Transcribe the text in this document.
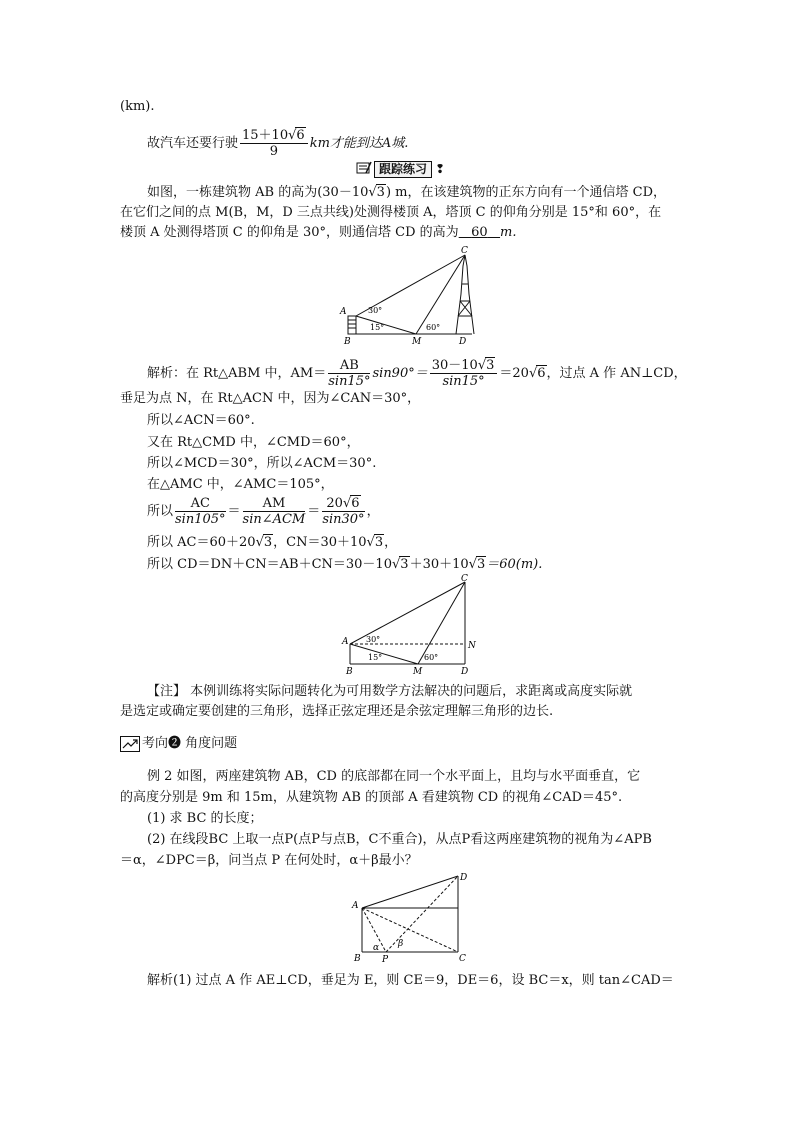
(km).
故汽车还要行驶 $\frac{15+10√6}{9}$ km才能到达A城.
跟踪练习 ❢
如图，一栋建筑物 AB 的高为(30－10√3) m，在该建筑物的正东方向有一个通信塔 CD，
在它们之间的点 M(B，M，D 三点共线)处测得楼顶 A，塔顶 C 的仰角分别是 15°和 60°，在
楼顶 A 处测得塔顶 C 的仰角是 30°，则通信塔 CD 的高为 60 m.
A
B	M	D
C
30°
15°	60°
解析：在 Rt△ABM 中，$AM= \frac{AB}{\sin 15^\circ} \sin 90^\circ= \frac{30-10√3}{\sin 15^\circ} =20√6$，过点 A 作 AN⊥CD，
垂足为点 N，在 Rt△ACN 中，因为∠CAN＝30°，
所以∠ACN＝60°.
又在 Rt△CMD 中，∠CMD＝60°，
所以∠MCD＝30°，所以∠ACM＝30°.
在△AMC 中，∠AMC＝105°，
所以 $\frac{AC}{\sin 105^\circ} = \frac{AM}{\text{sin∠ACM}} = \frac{20√6}{\sin 30^\circ}$ ，
所以 AC＝60＋20√3，CN＝30＋10√3，
所以 CD＝DN＋CN＝AB＋CN＝30－10√3＋30＋10√3＝60(m).
A
B	M	D
C
N
30°
15°	60°
【注】 本例训练将实际问题转化为可用数学方法解决的问题后，求距离或高度实际就
是选定或确定要创建的三角形，选择正弦定理还是余弦定理解三角形的边长.
考向❷ 角度问题
例 2 如图，两座建筑物 AB，CD 的底部都在同一个水平面上，且均与水平面垂直，它
的高度分别是 9m 和 15m，从建筑物 AB 的顶部 A 看建筑物 CD 的视角∠CAD＝45°.
(1) 求 BC 的长度；
(2) 在线段BC 上取一点P(点P与点B，C不重合)，从点P看这两座建筑物的视角为∠APB
＝α，∠DPC＝β，问当点 P 在何处时，α＋β最小？
A
B P	C
D
α β
解析(1) 过点 A 作 AE⊥CD，垂足为 E，则 CE＝9，DE＝6，设 BC＝x，则 tan∠CAD＝
